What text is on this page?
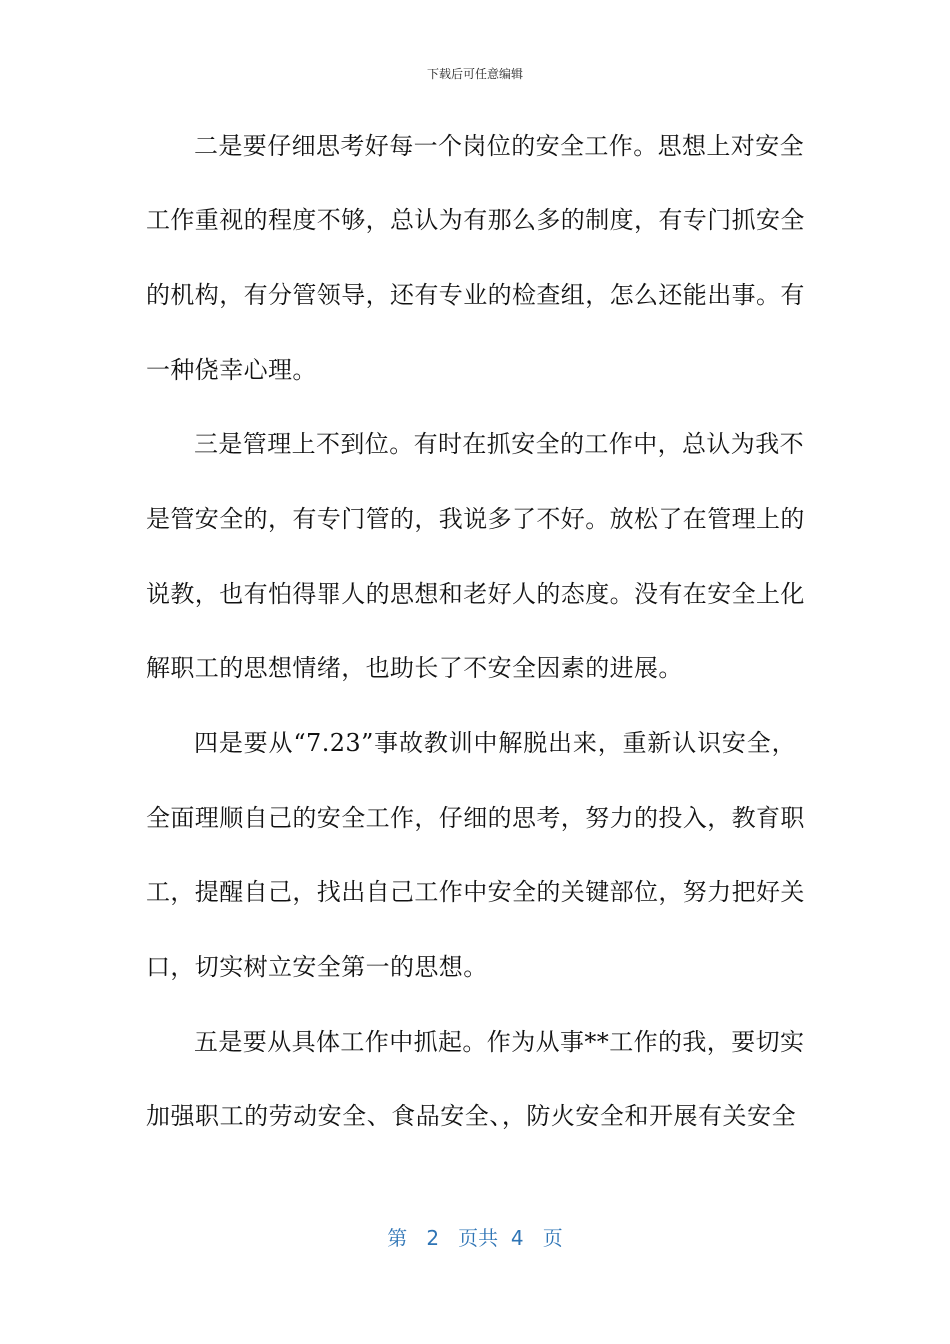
下载后可任意编辑
二是要仔细思考好每一个岗位的安全工作。思想上对安全
工作重视的程度不够，总认为有那么多的制度，有专门抓安全
的机构，有分管领导，还有专业的检查组，怎么还能出事。有
一种侥幸心理。
三是管理上不到位。有时在抓安全的工作中，总认为我不
是管安全的，有专门管的，我说多了不好。放松了在管理上的
说教，也有怕得罪人的思想和老好人的态度。没有在安全上化
解职工的思想情绪，也助长了不安全因素的进展。
四是要从“7.23”事故教训中解脱出来，重新认识安全，
全面理顺自己的安全工作，仔细的思考，努力的投入，教育职
工，提醒自己，找出自己工作中安全的关键部位，努力把好关
口，切实树立安全第一的思想。
五是要从具体工作中抓起。作为从事**工作的我，要切实
加强职工的劳动安全、食品安全、，防火安全和开展有关安全
第 2 页共 4 页
